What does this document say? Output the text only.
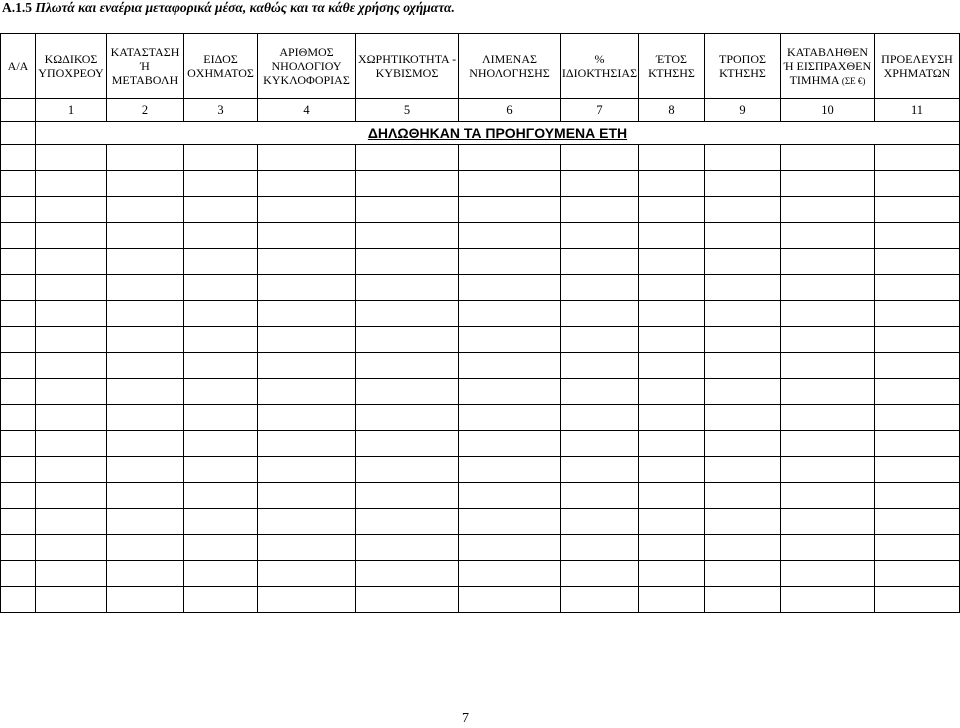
A.1.5 Πλωτά και εναέρια μεταφορικά μέσα, καθώς και τα κάθε χρήσης οχήματα.
Α/Α	ΚΩΔΙΚΟΣ ΥΠΟΧΡΕΟΥ	ΚΑΤΑΣΤΑΣΗ Ή ΜΕΤΑΒΟΛΗ	ΕΙΔΟΣ ΟΧΗΜΑΤΟΣ	ΑΡΙΘΜΟΣ ΝΗΟΛΟΓΙΟΥ ΚΥΚΛΟΦΟΡΙΑΣ	ΧΩΡΗΤΙΚΟΤΗΤΑ - ΚΥΒΙΣΜΟΣ	ΛΙΜΕΝΑΣ ΝΗΟΛΟΓΗΣΗΣ	% ΙΔΙΟΚΤΗΣΙΑΣ	ΈΤΟΣ ΚΤΗΣΗΣ	ΤΡΟΠΟΣ ΚΤΗΣΗΣ	ΚΑΤΑΒΛΗΘΕΝ Ή ΕΙΣΠΡΑΧΘΕΝ ΤΙΜΗΜΑ (ΣΕ €)	ΠΡΟΕΛΕΥΣΗ ΧΡΗΜΑΤΩΝ
	1	2	3	4	5	6	7	8	9	10	11
	ΔΗΛΩΘΗΚΑΝ ΤΑ ΠΡΟΗΓΟΥΜΕΝΑ ΕΤΗ										

7
